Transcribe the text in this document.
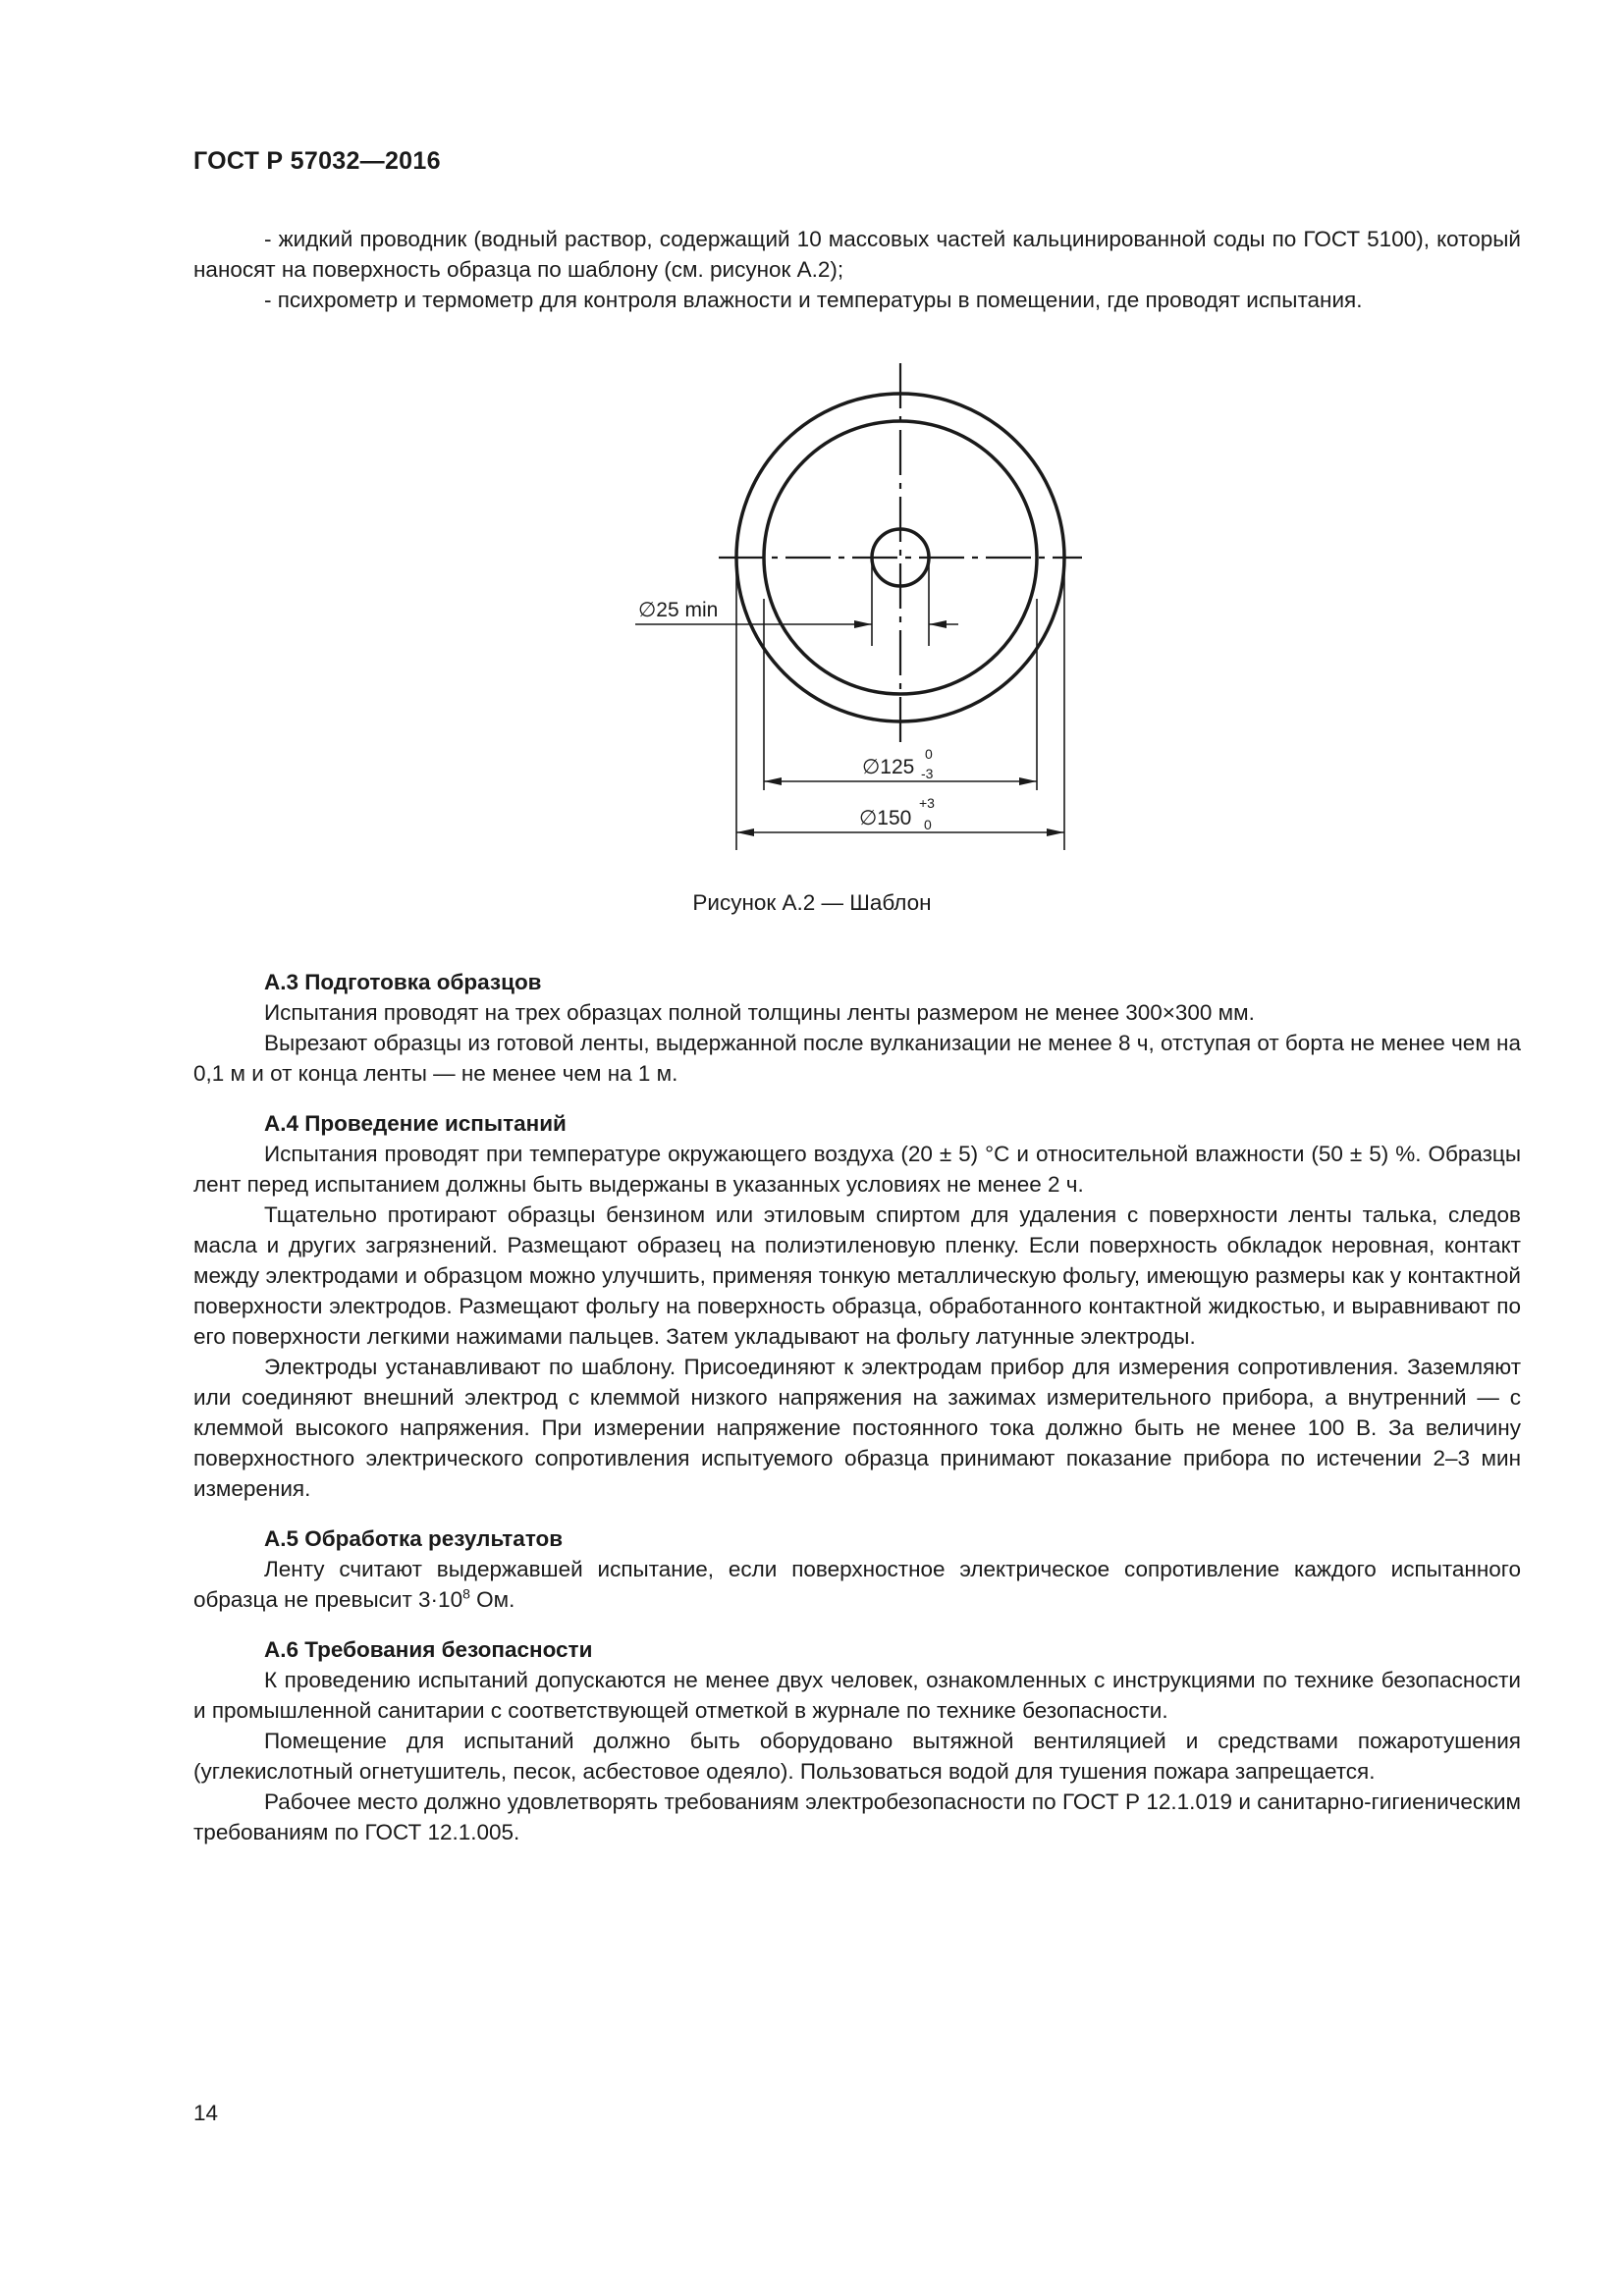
ГОСТ Р 57032—2016

- жидкий проводник (водный раствор, содержащий 10 массовых частей кальцинированной соды по ГОСТ 5100), который наносят на поверхность образца по шаблону (см. рисунок А.2);

- психрометр и термометр для контроля влажности и температуры в помещении, где проводят испытания.

∅25 min
∅125
0
-3
∅150
+3
0
Рисунок А.2 — Шаблон
А.3 Подготовка образцов

Испытания проводят на трех образцах полной толщины ленты размером не менее 300×300 мм.

Вырезают образцы из готовой ленты, выдержанной после вулканизации не менее 8 ч, отступая от борта не менее чем на 0,1 м и от конца ленты — не менее чем на 1 м.

А.4 Проведение испытаний

Испытания проводят при температуре окружающего воздуха (20 ± 5) °С и относительной влажности (50 ± 5) %. Образцы лент перед испытанием должны быть выдержаны в указанных условиях не менее 2 ч.

Тщательно протирают образцы бензином или этиловым спиртом для удаления с поверхности ленты талька, следов масла и других загрязнений. Размещают образец на полиэтиленовую пленку. Если поверхность обкладок неровная, контакт между электродами и образцом можно улучшить, применяя тонкую металлическую фольгу, имеющую размеры как у контактной поверхности электродов. Размещают фольгу на поверхность образца, обработанного контактной жидкостью, и выравнивают по его поверхности легкими нажимами пальцев. Затем укладывают на фольгу латунные электроды.

Электроды устанавливают по шаблону. Присоединяют к электродам прибор для измерения сопротивления. Заземляют или соединяют внешний электрод с клеммой низкого напряжения на зажимах измерительного прибора, а внутренний — с клеммой высокого напряжения. При измерении напряжение постоянного тока должно быть не менее 100 В. За величину поверхностного электрического сопротивления испытуемого образца принимают показание прибора по истечении 2–3 мин измерения.

А.5 Обработка результатов

Ленту считают выдержавшей испытание, если поверхностное электрическое сопротивление каждого испытанного образца не превысит $3\cdot 10^8$ Ом.

А.6 Требования безопасности

К проведению испытаний допускаются не менее двух человек, ознакомленных с инструкциями по технике безопасности и промышленной санитарии с соответствующей отметкой в журнале по технике безопасности.

Помещение для испытаний должно быть оборудовано вытяжной вентиляцией и средствами пожаротушения (углекислотный огнетушитель, песок, асбестовое одеяло). Пользоваться водой для тушения пожара запрещается.

Рабочее место должно удовлетворять требованиям электробезопасности по ГОСТ Р 12.1.019 и санитарно-гигиеническим требованиям по ГОСТ 12.1.005.

14
